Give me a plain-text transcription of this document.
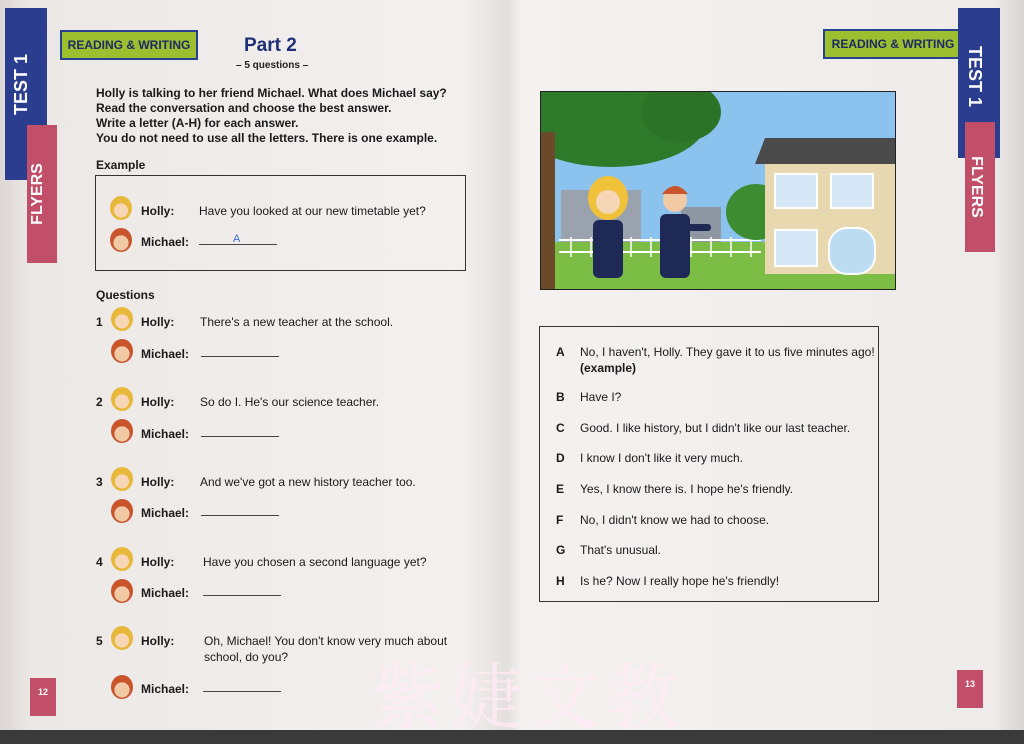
TEST 1
FLYERS
READING & WRITING	Part 2
– 5 questions –
Holly is talking to her friend Michael. What does Michael say?
Read the conversation and choose the best answer.
Write a letter (A-H) for each answer.
You do not need to use all the letters. There is one example.
Example
Holly: Have you looked at our new timetable yet?
Michael:	A
Questions
1	Holly: There's a new teacher at the school.
Michael:
2	Holly: So do I. He's our science teacher.
Michael:
3	Holly: And we've got a new history teacher too.
Michael:
4	Holly: Have you chosen a second language yet?
Michael:
5	Holly: Oh, Michael! You don't know very much about
school, do you?
Michael:
12
READING & WRITING
TEST 1
FLYERS
13
A No, I haven't, Holly. They gave it to us five minutes ago!
(example)
B Have I?
C Good. I like history, but I didn't like our last teacher.
D I know I don't like it very much.
E Yes, I know there is. I hope he's friendly.
F No, I didn't know we had to choose.
G That's unusual.
H Is he? Now I really hope he's friendly!
紫婕文教
